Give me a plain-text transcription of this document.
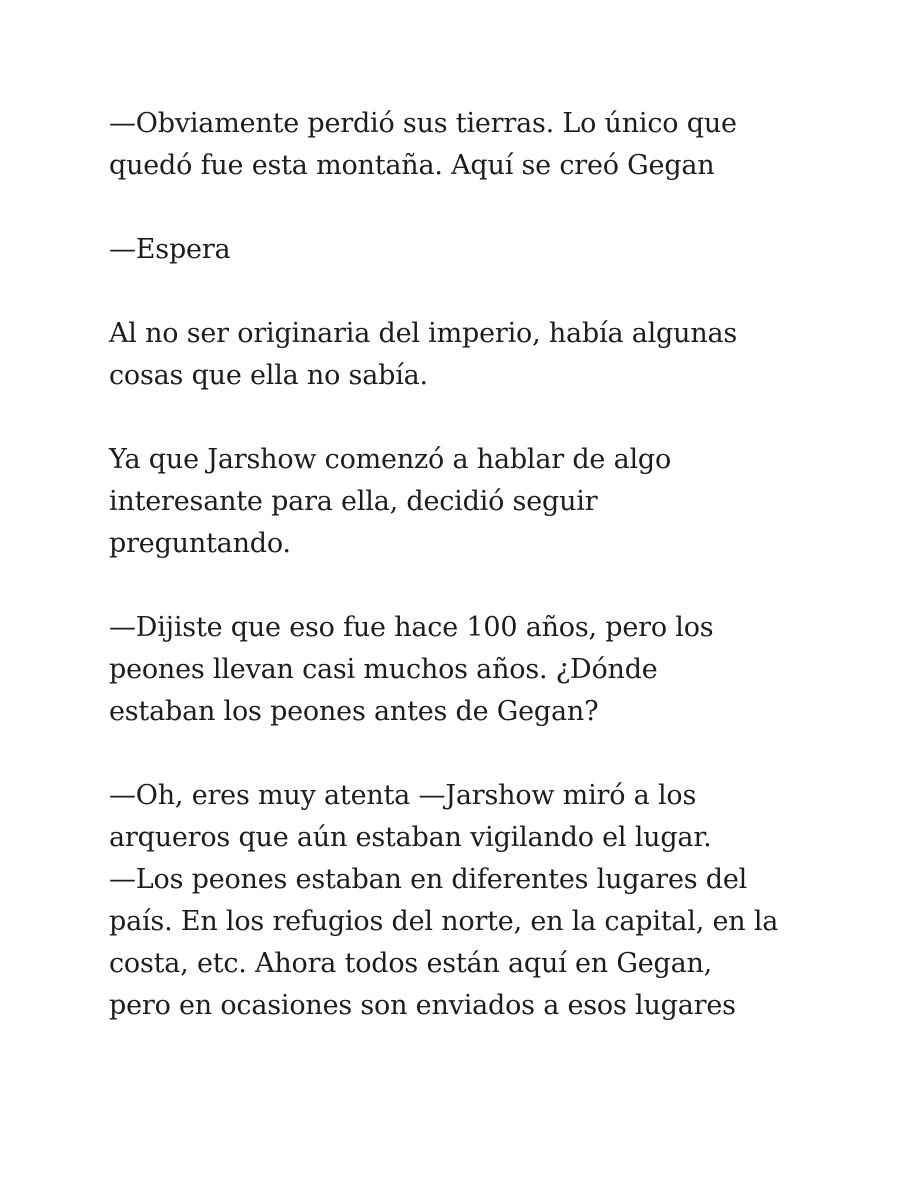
—Obviamente perdió sus tierras. Lo único que
quedó fue esta montaña. Aquí se creó Gegan

—Espera

Al no ser originaria del imperio, había algunas
cosas que ella no sabía.

Ya que Jarshow comenzó a hablar de algo
interesante para ella, decidió seguir
preguntando.

—Dijiste que eso fue hace 100 años, pero los
peones llevan casi muchos años. ¿Dónde
estaban los peones antes de Gegan?

—Oh, eres muy atenta —Jarshow miró a los
arqueros que aún estaban vigilando el lugar.
—Los peones estaban en diferentes lugares del
país. En los refugios del norte, en la capital, en la
costa, etc. Ahora todos están aquí en Gegan,
pero en ocasiones son enviados a esos lugares
